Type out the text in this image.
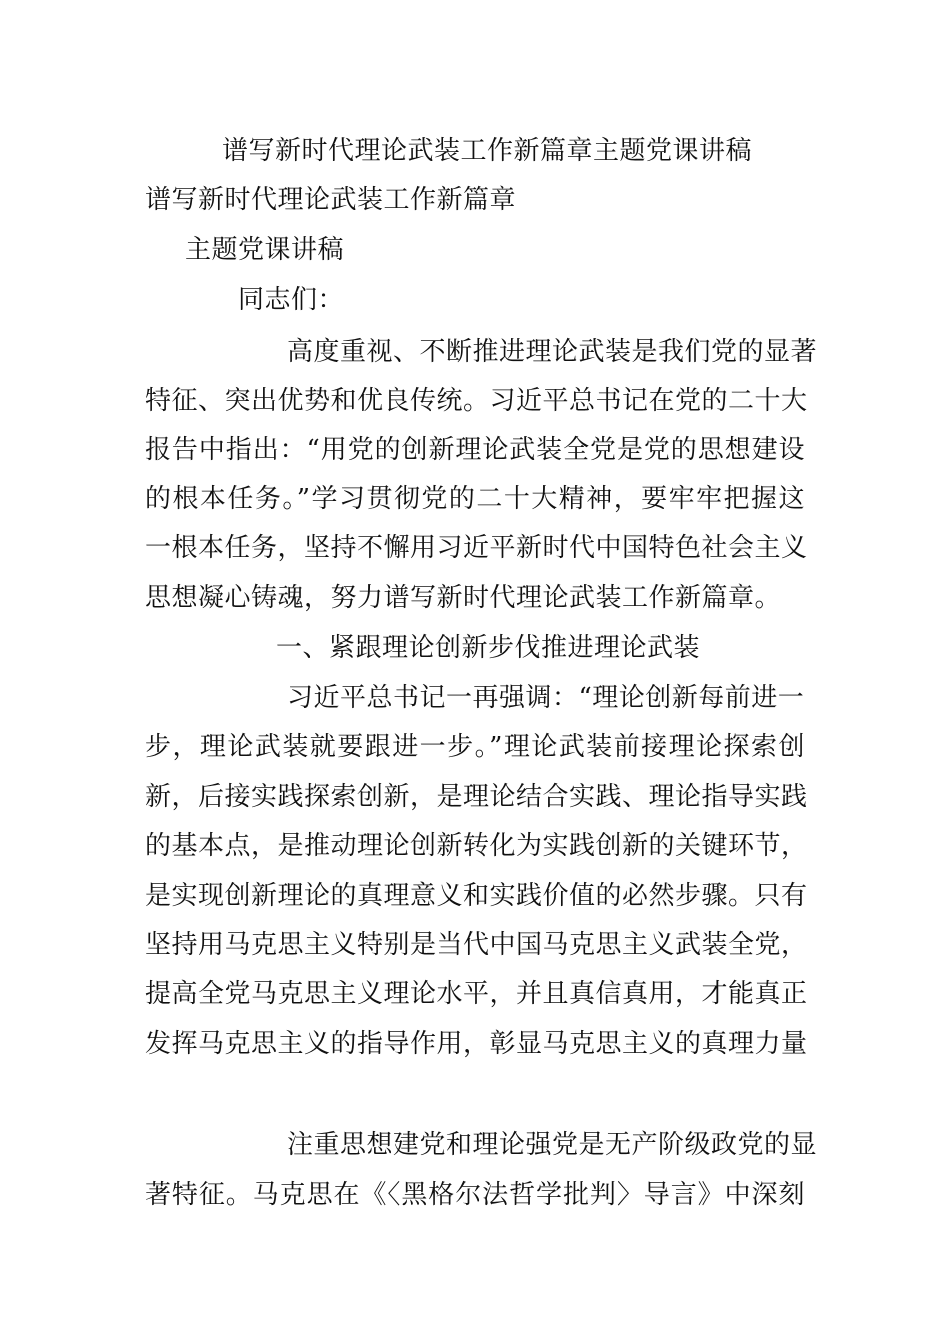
谱写新时代理论武装工作新篇章主题党课讲稿
谱写新时代理论武装工作新篇章
主题党课讲稿
同志们：
高度重视、不断推进理论武装是我们党的显著
特征、突出优势和优良传统。习近平总书记在党的二十大
报告中指出：“用党的创新理论武装全党是党的思想建设
的根本任务。”学习贯彻党的二十大精神，要牢牢把握这
一根本任务，坚持不懈用习近平新时代中国特色社会主义
思想凝心铸魂，努力谱写新时代理论武装工作新篇章。
一、紧跟理论创新步伐推进理论武装
习近平总书记一再强调：“理论创新每前进一
步，理论武装就要跟进一步。”理论武装前接理论探索创
新，后接实践探索创新，是理论结合实践、理论指导实践
的基本点，是推动理论创新转化为实践创新的关键环节，
是实现创新理论的真理意义和实践价值的必然步骤。只有
坚持用马克思主义特别是当代中国马克思主义武装全党，
提高全党马克思主义理论水平，并且真信真用，才能真正
发挥马克思主义的指导作用，彰显马克思主义的真理力量
注重思想建党和理论强党是无产阶级政党的显
著特征。马克思在《〈黑格尔法哲学批判〉导言》中深刻
